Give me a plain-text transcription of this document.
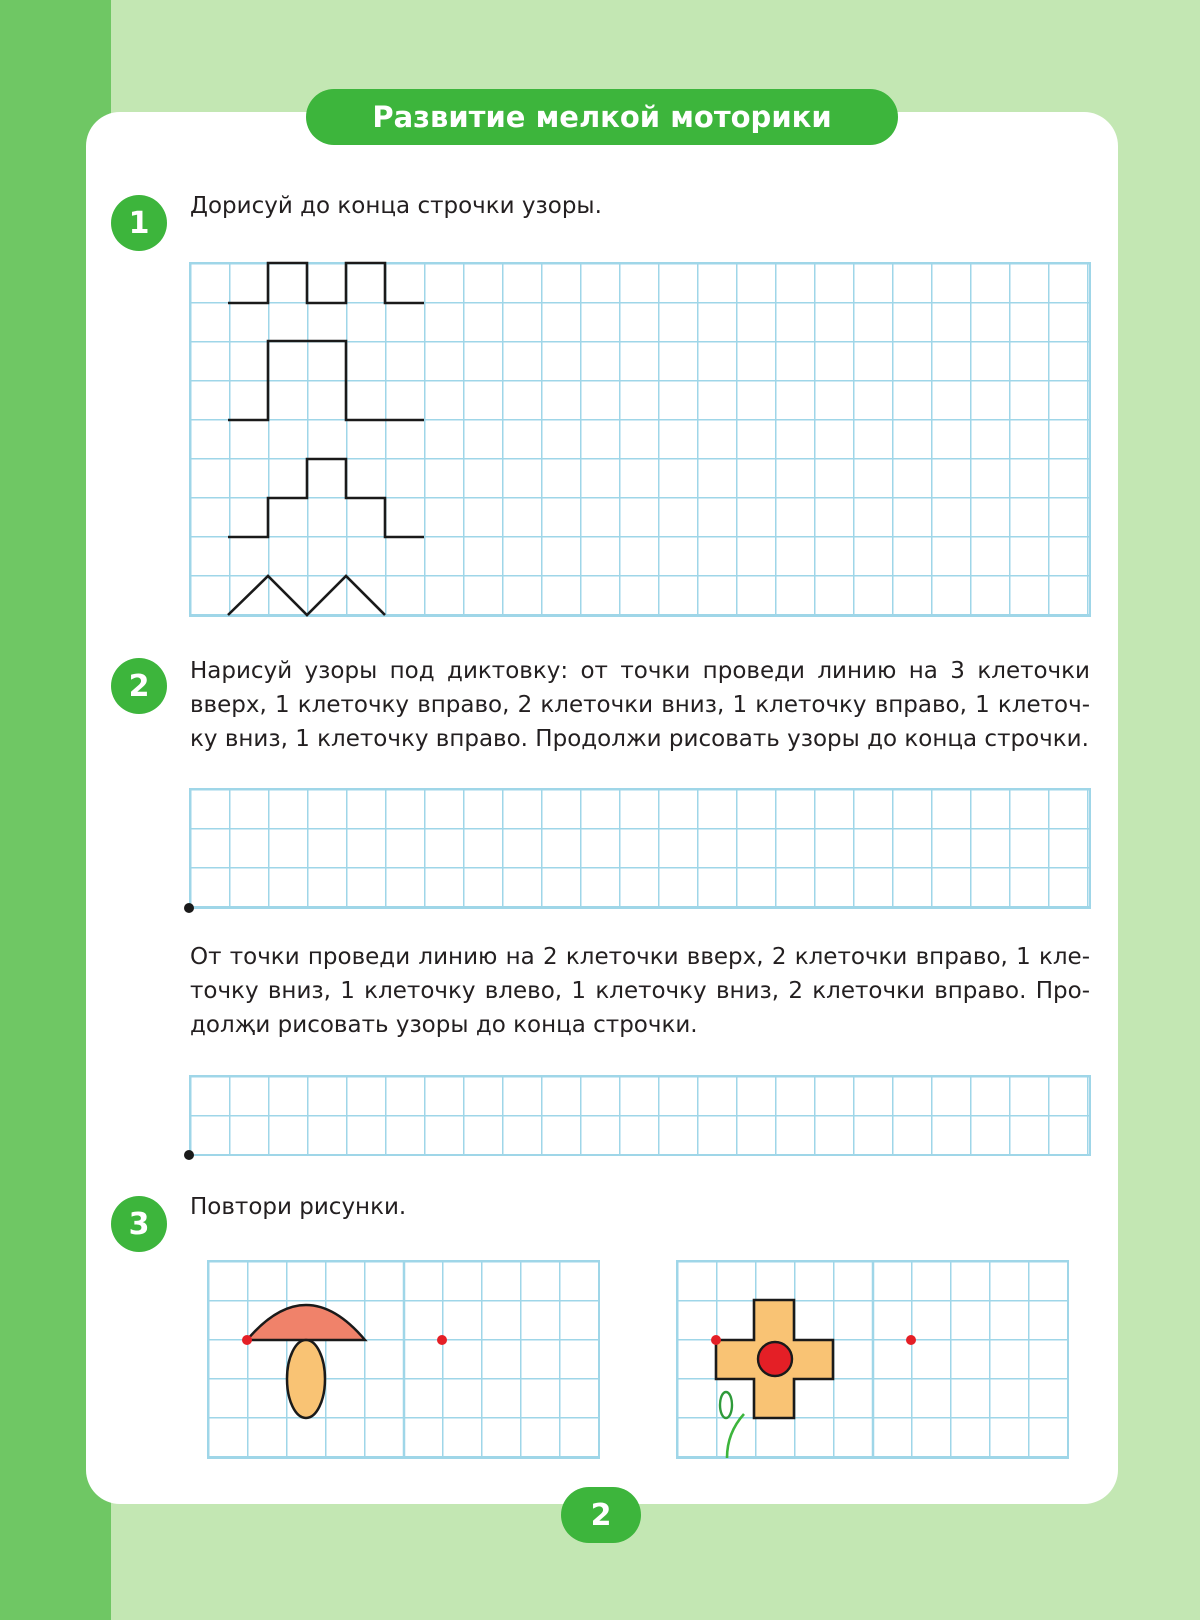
Развитие мелкой моторики
1	Дорисуй до конца строчки узоры.
2	Нарисуй узоры под диктовку: от точки проведи линию на 3 клеточки вверх, 1 клеточку вправо, 2 клеточки вниз, 1 клеточку вправо, 1 клеточ- ку вниз, 1 клеточку вправо. Продолжи рисовать узоры до конца строчки.
От точки проведи линию на 2 клеточки вверх, 2 клеточки вправо, 1 кле- точку вниз, 1 клеточку влево, 1 клеточку вниз, 2 клеточки вправо. Про- долҗи рисовать узоры до конца строчки.
3	Повтори рисунки.
2
